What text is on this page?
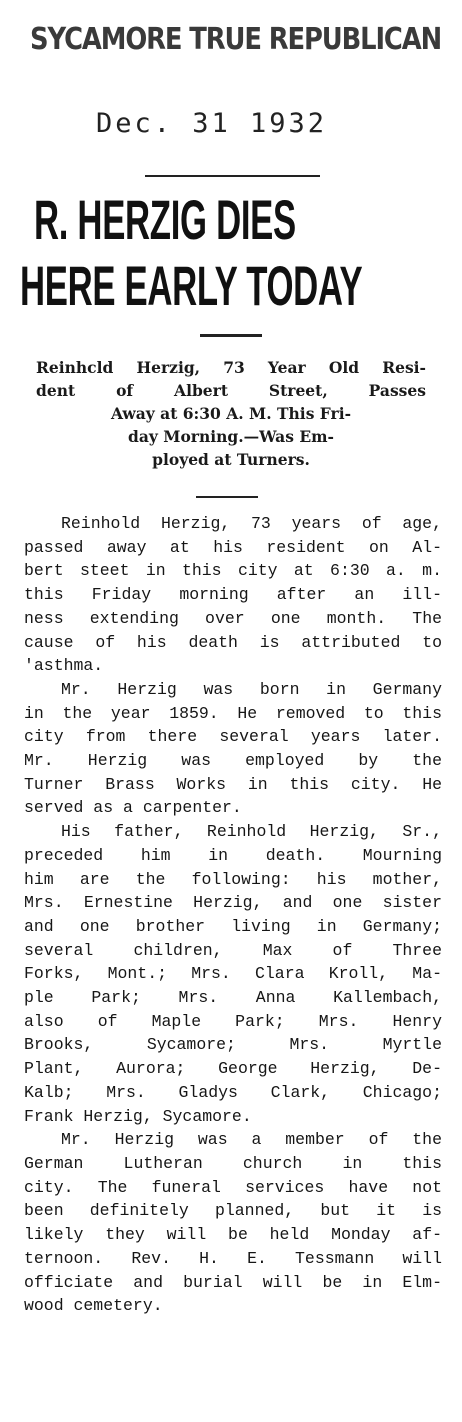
SYCAMORE TRUE REPUBLICAN
Dec. 31 1932
R. HERZIG DIES
HERE EARLY TODAY
Reinhcld Herzig, 73 Year Old Resi-
dent of Albert Street, Passes
Away at 6:30 A. M. This Fri-
day Morning.—Was Em-
ployed at Turners.
Reinhold Herzig, 73 years of age,
passed away at his resident on Al-
bert steet in this city at 6:30 a. m.
this Friday morning after an ill-
ness extending over one month. The
cause of his death is attributed to
'asthma.
Mr. Herzig was born in Germany
in the year 1859. He removed to this
city from there several years later.
Mr. Herzig was employed by the
Turner Brass Works in this city. He
served as a carpenter.
His father, Reinhold Herzig, Sr.,
preceded him in death. Mourning
him are the following: his mother,
Mrs. Ernestine Herzig, and one sister
and one brother living in Germany;
several children, Max of Three
Forks, Mont.; Mrs. Clara Kroll, Ma-
ple Park; Mrs. Anna Kallembach,
also of Maple Park; Mrs. Henry
Brooks, Sycamore; Mrs. Myrtle
Plant, Aurora; George Herzig, De-
Kalb; Mrs. Gladys Clark, Chicago;
Frank Herzig, Sycamore.
Mr. Herzig was a member of the
German Lutheran church in this
city. The funeral services have not
been definitely planned, but it is
likely they will be held Monday af-
ternoon. Rev. H. E. Tessmann will
officiate and burial will be in Elm-
wood cemetery.
